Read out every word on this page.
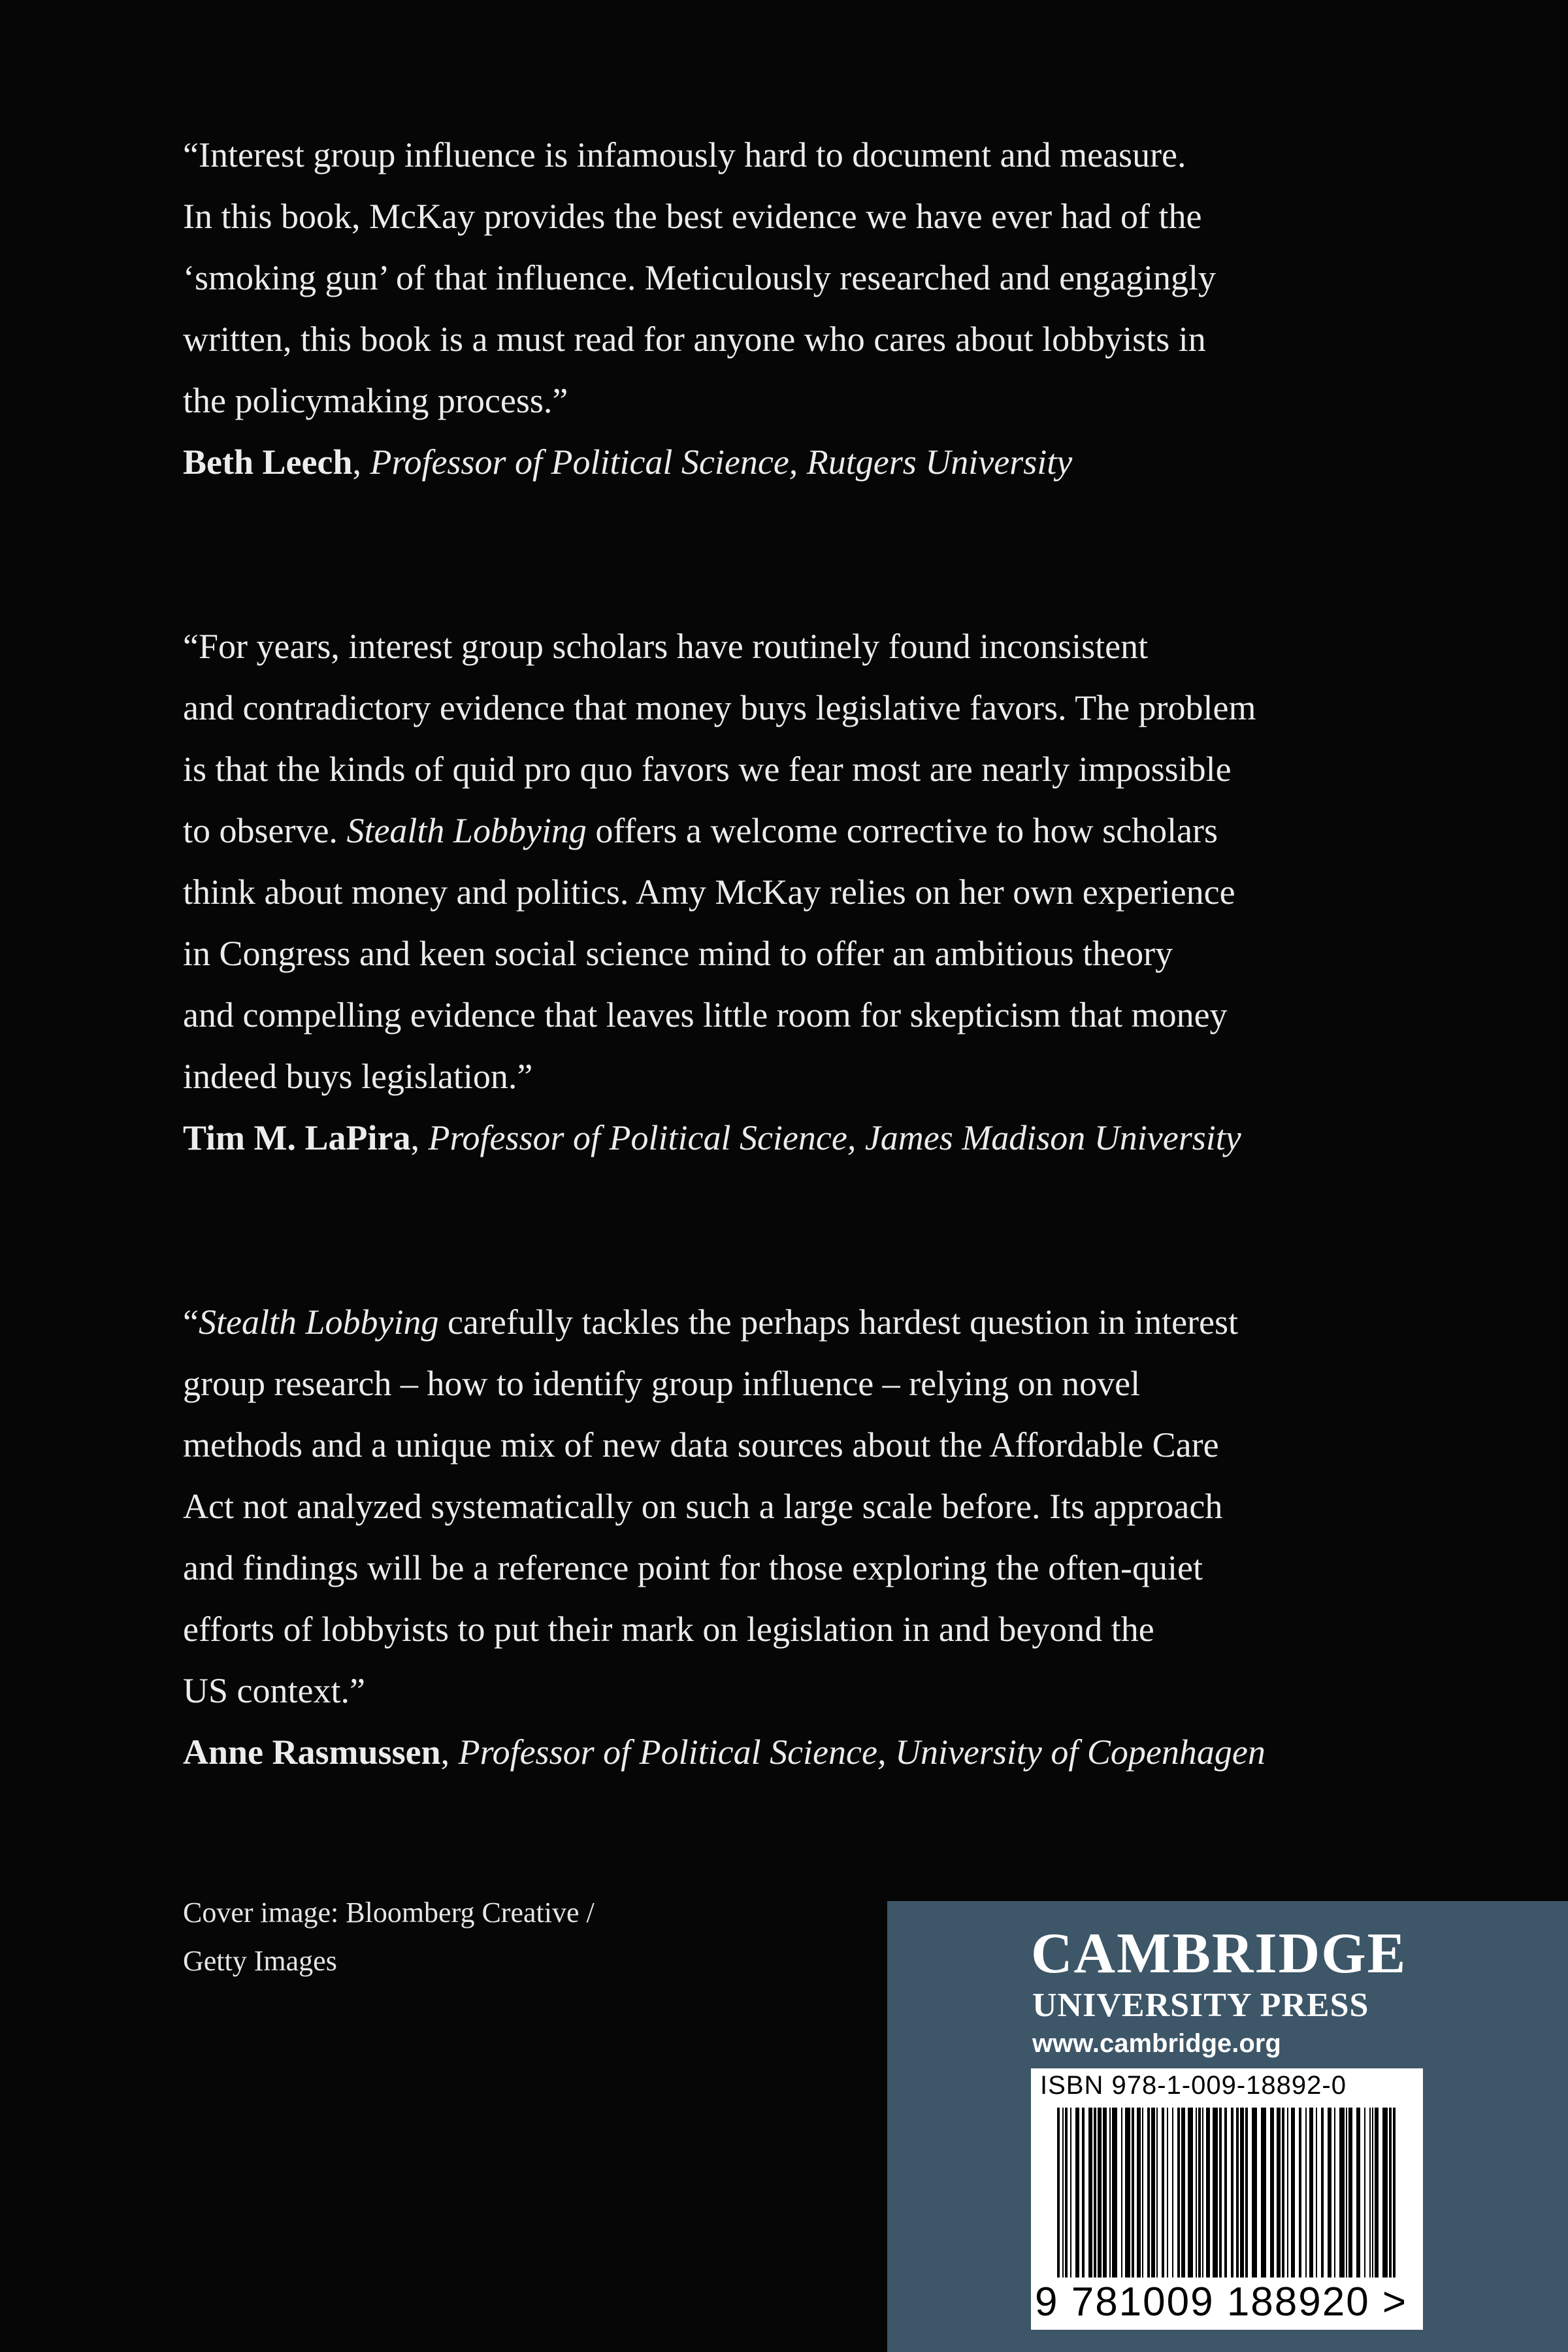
“Interest group influence is infamously hard to document and measure.

In this book, McKay provides the best evidence we have ever had of the

‘smoking gun’ of that influence. Meticulously researched and engagingly

written, this book is a must read for anyone who cares about lobbyists in

the policymaking process.”

Beth Leech, Professor of Political Science, Rutgers University

“For years, interest group scholars have routinely found inconsistent

and contradictory evidence that money buys legislative favors. The problem

is that the kinds of quid pro quo favors we fear most are nearly impossible

to observe. Stealth Lobbying offers a welcome corrective to how scholars

think about money and politics. Amy McKay relies on her own experience

in Congress and keen social science mind to offer an ambitious theory

and compelling evidence that leaves little room for skepticism that money

indeed buys legislation.”

Tim M. LaPira, Professor of Political Science, James Madison University

“Stealth Lobbying carefully tackles the perhaps hardest question in interest

group research – how to identify group influence – relying on novel

methods and a unique mix of new data sources about the Affordable Care

Act not analyzed systematically on such a large scale before. Its approach

and findings will be a reference point for those exploring the often-quiet

efforts of lobbyists to put their mark on legislation in and beyond the

US context.”

Anne Rasmussen, Professor of Political Science, University of Copenhagen

Cover image: Bloomberg Creative /
Getty Images	CAMBRIDGE
UNIVERSITY PRESS
www.cambridge.org
ISBN 978-1-009-18892-0
9 781009 188920 >
